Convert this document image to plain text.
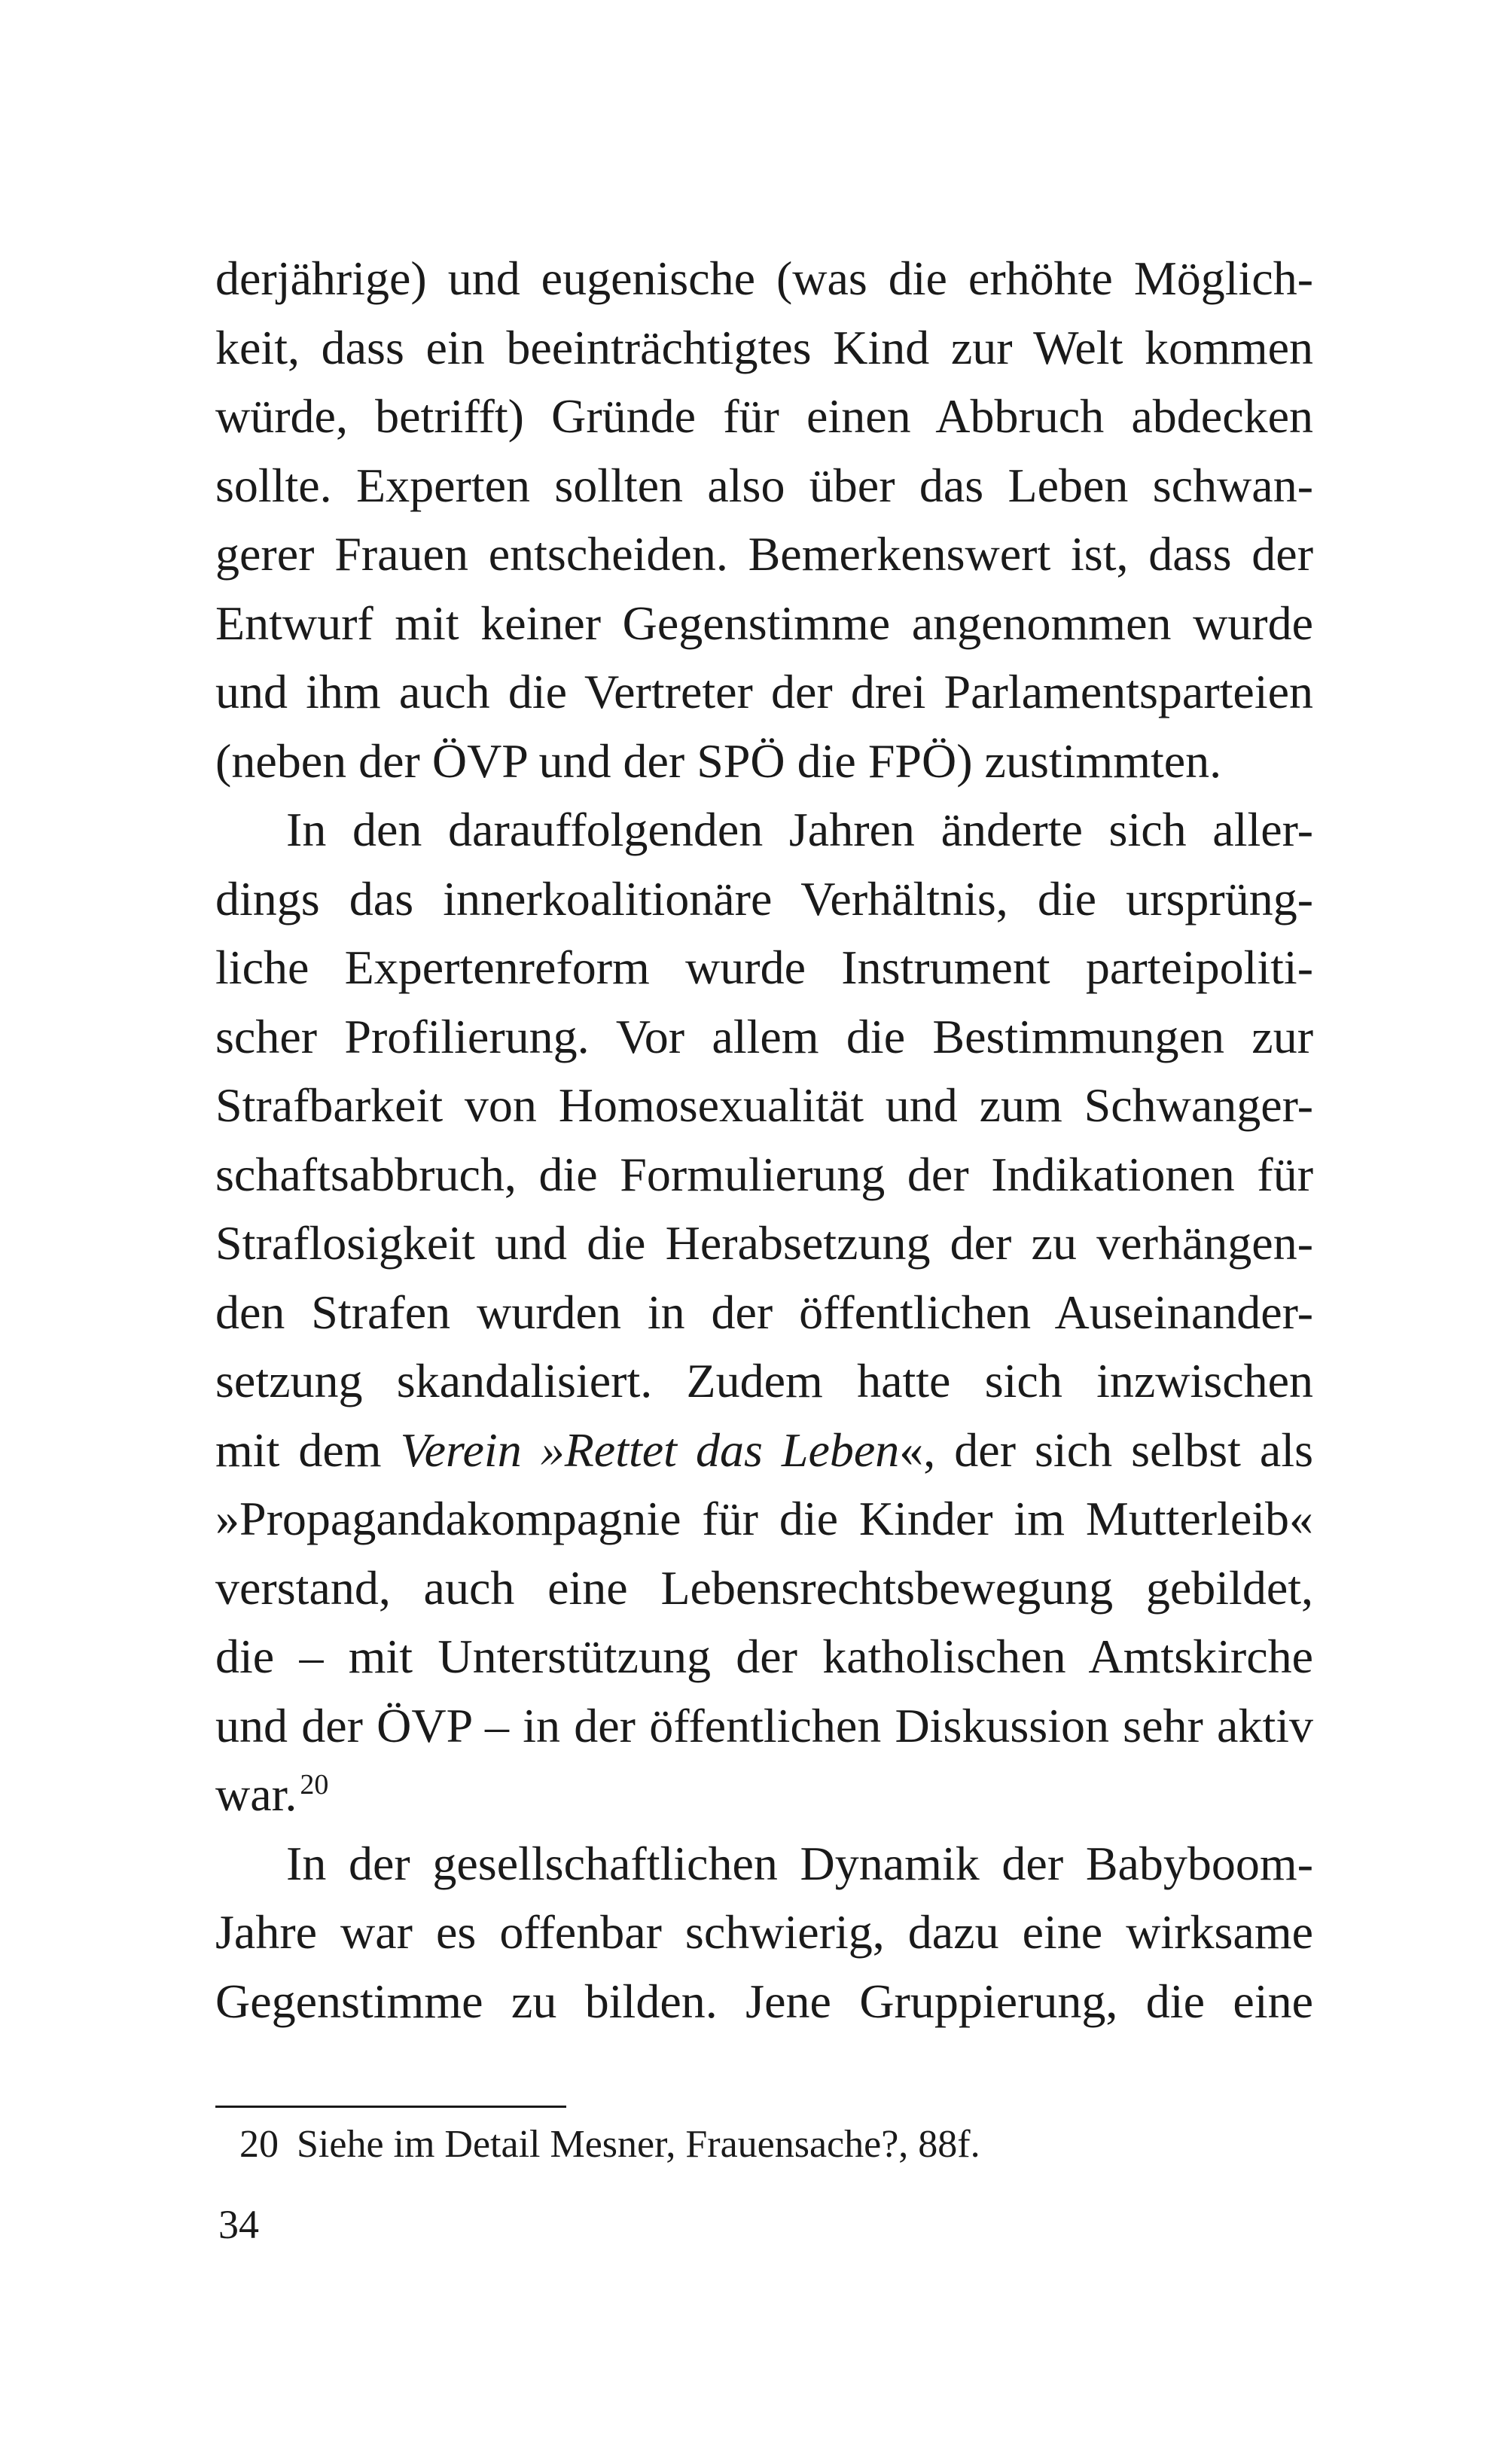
derjährige) und eugenische (was die erhöhte Möglich-
keit, dass ein beeinträchtigtes Kind zur Welt kommen
würde, betrifft) Gründe für einen Abbruch abdecken
sollte. Experten sollten also über das Leben schwan-
gerer Frauen entscheiden. Bemerkenswert ist, dass der
Entwurf mit keiner Gegenstimme angenommen wurde
und ihm auch die Vertreter der drei Parlamentsparteien
(neben der ÖVP und der SPÖ die FPÖ) zustimmten.
In den darauffolgenden Jahren änderte sich aller-
dings das innerkoalitionäre Verhältnis, die ursprüng-
liche Expertenreform wurde Instrument parteipoliti-
scher Profilierung. Vor allem die Bestimmungen zur
Strafbarkeit von Homosexualität und zum Schwanger-
schaftsabbruch, die Formulierung der Indikationen für
Straflosigkeit und die Herabsetzung der zu verhängen-
den Strafen wurden in der öffentlichen Auseinander-
setzung skandalisiert. Zudem hatte sich inzwischen
mit dem Verein »Rettet das Leben«, der sich selbst als
»Propagandakompagnie für die Kinder im Mutterleib«
verstand, auch eine Lebensrechtsbewegung gebildet,
die – mit Unterstützung der katholischen Amtskirche
und der ÖVP – in der öffentlichen Diskussion sehr aktiv
war. $^{20}$
In der gesellschaftlichen Dynamik der Babyboom-
Jahre war es offenbar schwierig, dazu eine wirksame
Gegenstimme zu bilden. Jene Gruppierung, die eine
20 Siehe im Detail Mesner, Frauensache?, 88f.
34
